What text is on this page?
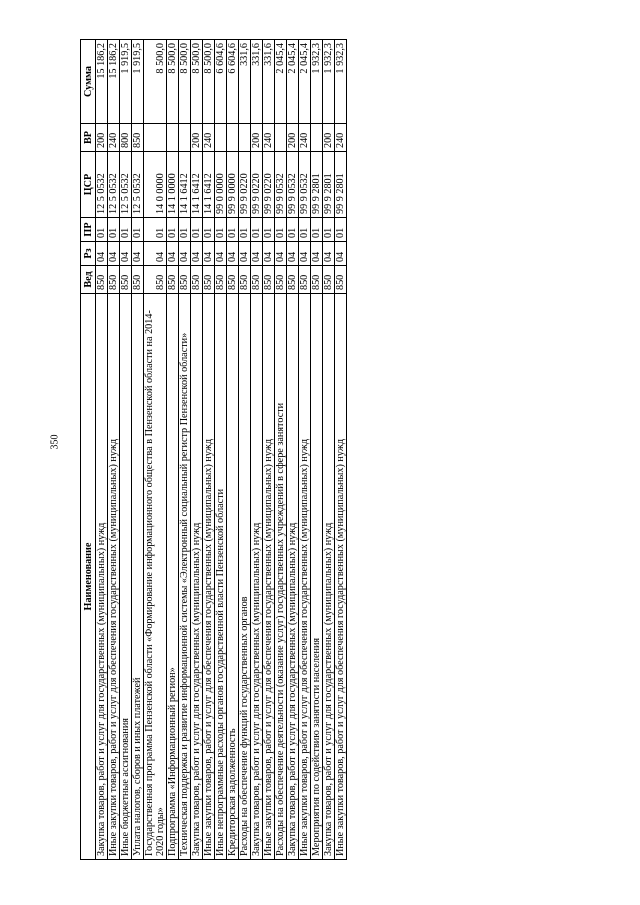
350
Наименование	Вед	Рз	ПР	ЦСР	ВР	Сумма
Закупка товаров, работ и услуг для государственных (муниципальных) нужд	850	04	01	12 5 0532	200	15 186,2
Иные закупки товаров, работ и услуг для обеспечения государственных (муниципальных) нужд	850	04	01	12 5 0532	240	15 186,2
Иные бюджетные ассигнования	850	04	01	12 5 0532	800	1 919,5
Уплата налогов, сборов и иных платежей	850	04	01	12 5 0532	850	1 919,5
Государственная программа Пензенской области «Формирование информационного общества в Пензенской области на 2014-2020 годы»	850	04	01	14 0 0000		8 500,0
Подпрограмма «Информационный регион»	850	04	01	14 1 0000		8 500,0
Техническая поддержка и развитие информационной системы «Электронный социальный регистр Пензенской области»	850	04	01	14 1 6412		8 500,0
Закупка товаров, работ и услуг для государственных (муниципальных) нужд	850	04	01	14 1 6412	200	8 500,0
Иные закупки товаров, работ и услуг для обеспечения государственных (муниципальных) нужд	850	04	01	14 1 6412	240	8 500,0
Иные непрограммные расходы органов государственной власти Пензенской области	850	04	01	99 0 0000		6 604,6
Кредиторская задолженность	850	04	01	99 9 0000		6 604,6
Расходы на обеспечение функций государственных органов	850	04	01	99 9 0220		331,6
Закупка товаров, работ и услуг для государственных (муниципальных) нужд	850	04	01	99 9 0220	200	331,6
Иные закупки товаров, работ и услуг для обеспечения государственных (муниципальных) нужд	850	04	01	99 9 0220	240	331,6
Расходы на обеспечение деятельности (оказание услуг) государственных учреждений в сфере занятости	850	04	01	99 9 0532		2 045,4
Закупка товаров, работ и услуг для государственных (муниципальных) нужд	850	04	01	99 9 0532	200	2 045,4
Иные закупки товаров, работ и услуг для обеспечения государственных (муниципальных) нужд	850	04	01	99 9 0532	240	2 045,4
Мероприятия по содействию занятости населения	850	04	01	99 9 2801		1 932,3
Закупка товаров, работ и услуг для государственных (муниципальных) нужд	850	04	01	99 9 2801	200	1 932,3
Иные закупки товаров, работ и услуг для обеспечения государственных (муниципальных) нужд	850	04	01	99 9 2801	240	1 932,3
